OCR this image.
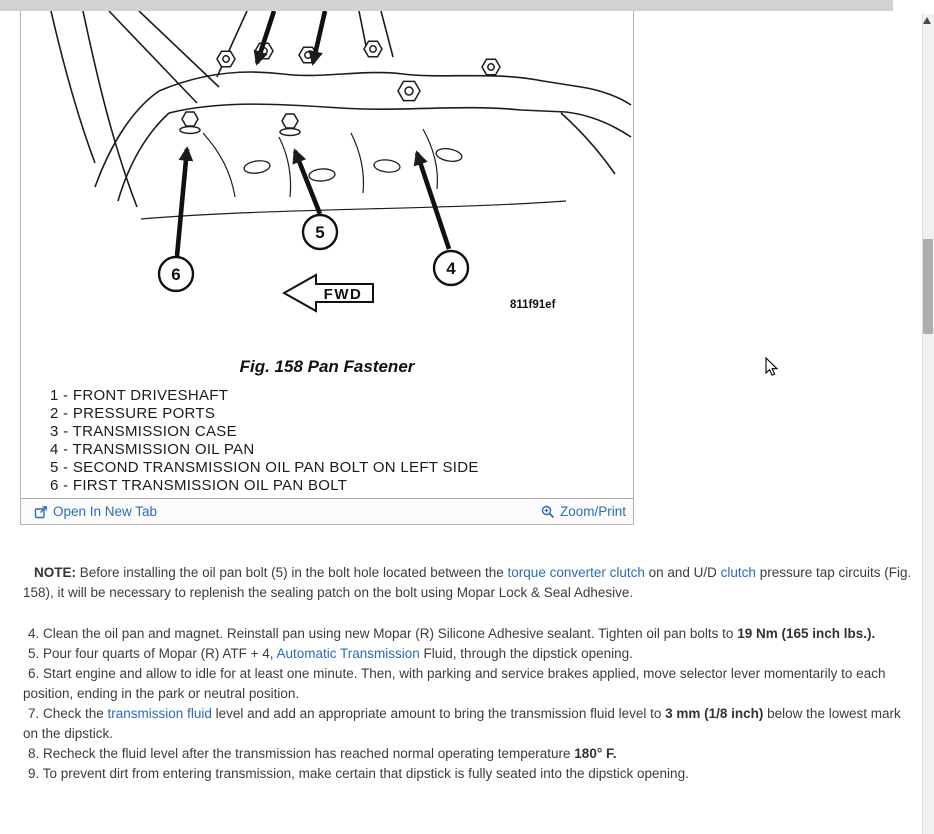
5
6	4
FWD
811f91ef
Fig. 158 Pan Fastener
1 - FRONT DRIVESHAFT
2 - PRESSURE PORTS
3 - TRANSMISSION CASE
4 - TRANSMISSION OIL PAN
5 - SECOND TRANSMISSION OIL PAN BOLT ON LEFT SIDE
6 - FIRST TRANSMISSION OIL PAN BOLT
Open In New Tab	Zoom/Print

NOTE: Before installing the oil pan bolt (5) in the bolt hole located between the torque converter clutch on and U/D clutch pressure tap circuits (Fig. 158), it will be necessary to replenish the sealing patch on the bolt using Mopar Lock & Seal Adhesive.

4. Clean the oil pan and magnet. Reinstall pan using new Mopar (R) Silicone Adhesive sealant. Tighten oil pan bolts to 19 Nm (165 inch lbs.).

5. Pour four quarts of Mopar (R) ATF + 4, Automatic Transmission Fluid, through the dipstick opening.

6. Start engine and allow to idle for at least one minute. Then, with parking and service brakes applied, move selector lever momentarily to each position, ending in the park or neutral position.

7. Check the transmission fluid level and add an appropriate amount to bring the transmission fluid level to 3 mm (1/8 inch) below the lowest mark on the dipstick.

8. Recheck the fluid level after the transmission has reached normal operating temperature 180° F.

9. To prevent dirt from entering transmission, make certain that dipstick is fully seated into the dipstick opening.
